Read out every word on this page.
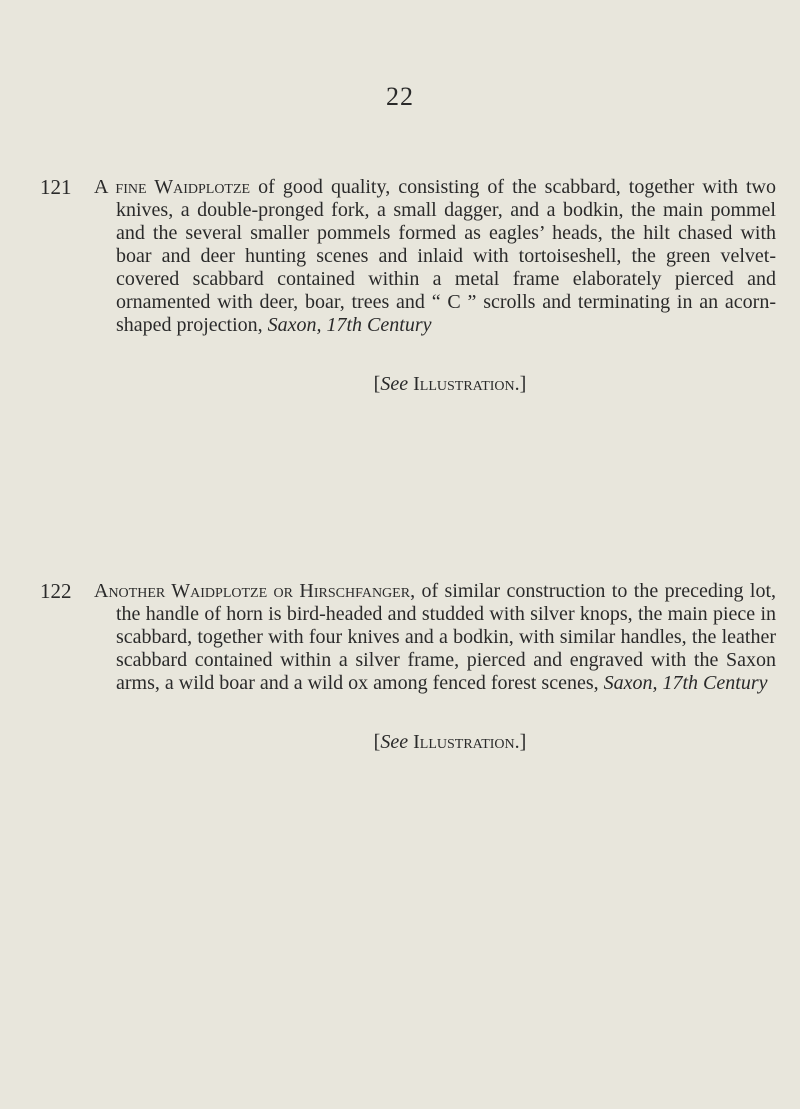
22
121 A fine Waidplotze of good quality, consisting of the scabbard, together with two knives, a double-pronged fork, a small dagger, and a bodkin, the main pommel and the several smaller pommels formed as eagles’ heads, the hilt chased with boar and deer hunting scenes and inlaid with tortoiseshell, the green velvet-covered scabbard contained within a metal frame elaborately pierced and ornamented with deer, boar, trees and “ C ” scrolls and terminating in an acorn-shaped projection, Saxon, 17th Century
[See Illustration.]
122 Another Waidplotze or Hirschfanger, of similar construction to the preceding lot, the handle of horn is bird-headed and studded with silver knops, the main piece in scabbard, together with four knives and a bodkin, with similar handles, the leather scabbard contained within a silver frame, pierced and engraved with the Saxon arms, a wild boar and a wild ox among fenced forest scenes, Saxon, 17th Century
[See Illustration.]
